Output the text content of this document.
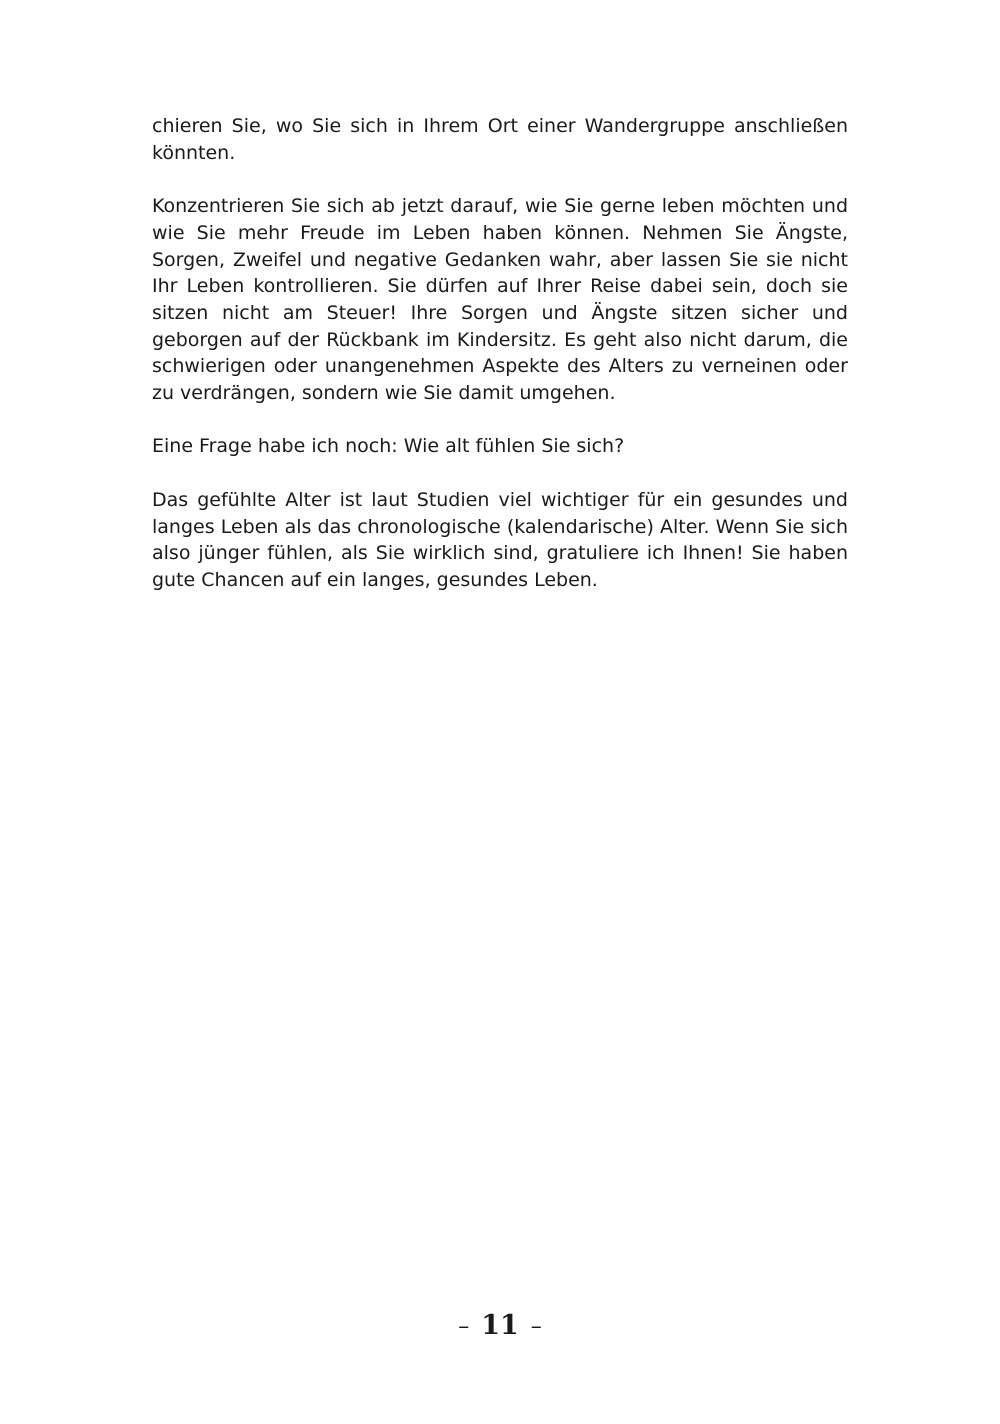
chieren Sie, wo Sie sich in Ihrem Ort einer Wandergruppe anschließen könnten.

Konzentrieren Sie sich ab jetzt darauf, wie Sie gerne leben möchten und wie Sie mehr Freude im Leben haben können. Nehmen Sie Ängste, Sorgen, Zweifel und negative Gedanken wahr, aber lassen Sie sie nicht Ihr Leben kontrollieren. Sie dürfen auf Ihrer Reise dabei sein, doch sie sitzen nicht am Steuer! Ihre Sorgen und Ängste sitzen sicher und geborgen auf der Rückbank im Kindersitz. Es geht also nicht darum, die schwierigen oder unangenehmen Aspekte des Alters zu verneinen oder zu verdrängen, sondern wie Sie damit umgehen.

Eine Frage habe ich noch: Wie alt fühlen Sie sich?

Das gefühlte Alter ist laut Studien viel wichtiger für ein gesundes und langes Leben als das chronologische (kalendarische) Alter. Wenn Sie sich also jünger fühlen, als Sie wirklich sind, gratuliere ich Ihnen! Sie haben gute Chancen auf ein langes, gesundes Leben.

– 11 –
